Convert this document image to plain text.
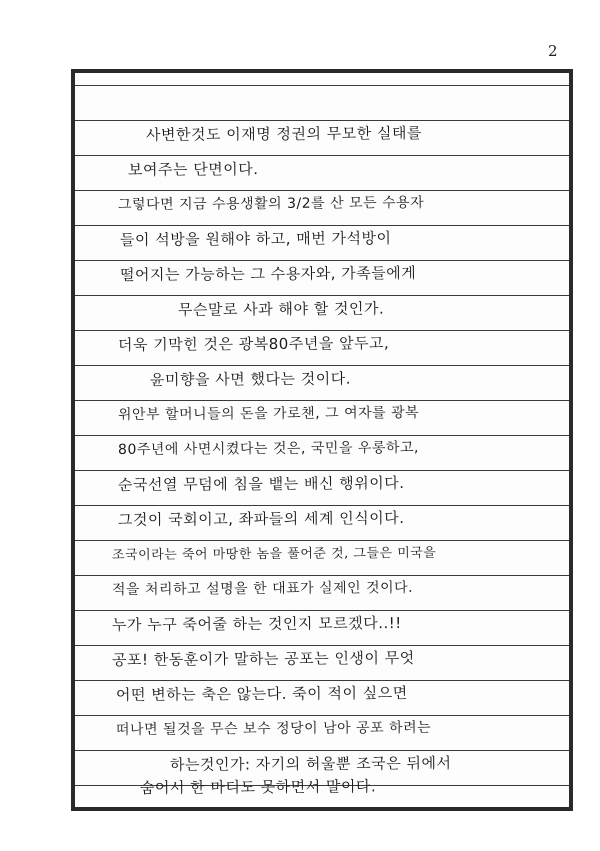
2
사변한것도 이재명 정권의 무모한 실태를
보여주는 단면이다.
그렇다면 지금 수용생활의 3/2를 산 모든 수용자
들이 석방을 원해야 하고, 매번 가석방이
떨어지는 가능하는 그 수용자와, 가족들에게
무슨말로 사과 해야 할 것인가.
더욱 기막힌 것은 광복80주년을 앞두고,
윤미향을 사면 했다는 것이다.
위안부 할머니들의 돈을 가로챈, 그 여자를 광복
80주년에 사면시켰다는 것은, 국민을 우롱하고,
순국선열 무덤에 침을 뱉는 배신 행위이다.
그것이 국회이고, 좌파들의 세계 인식이다.
조국이라는 죽어 마땅한 놈을 풀어준 것, 그들은 미국을
적을 처리하고 설명을 한 대표가 실제인 것이다.
누가 누구 죽어줄 하는 것인지 모르겠다..!!
공포! 한동훈이가 말하는 공포는 인생이 무엇
어떤 변하는 축은 않는다. 죽이 적이 싶으면
떠나면 될것을 무슨 보수 정당이 남아 공포 하려는
하는것인가: 자기의 허울뿐 조국은 뒤에서
숨어서 한 마디도 못하면서 말이다.
